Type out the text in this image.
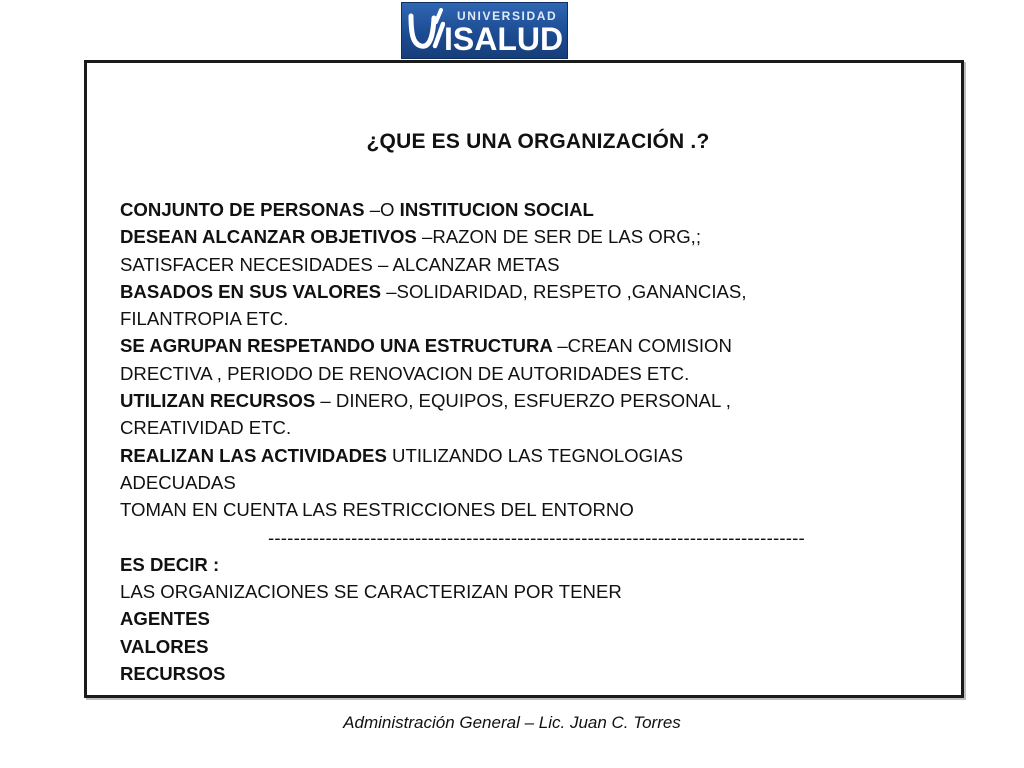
UNIVERSIDAD
ISALUD
¿QUE ES UNA ORGANIZACIÓN .?
CONJUNTO DE PERSONAS –O INSTITUCION SOCIAL
DESEAN ALCANZAR OBJETIVOS –RAZON DE SER DE LAS ORG,;
SATISFACER NECESIDADES – ALCANZAR METAS
BASADOS EN SUS VALORES –SOLIDARIDAD, RESPETO ,GANANCIAS,
FILANTROPIA ETC.
SE AGRUPAN RESPETANDO UNA ESTRUCTURA –CREAN COMISION
DRECTIVA , PERIODO DE RENOVACION DE AUTORIDADES ETC.
UTILIZAN RECURSOS – DINERO, EQUIPOS, ESFUERZO PERSONAL ,
CREATIVIDAD ETC.
REALIZAN LAS ACTIVIDADES UTILIZANDO LAS TEGNOLOGIAS
ADECUADAS
TOMAN EN CUENTA LAS RESTRICCIONES DEL ENTORNO
------------------------------------------------------------------------------------
ES DECIR :
LAS ORGANIZACIONES SE CARACTERIZAN POR TENER
AGENTES
VALORES
RECURSOS
Administración General – Lic. Juan C. Torres
